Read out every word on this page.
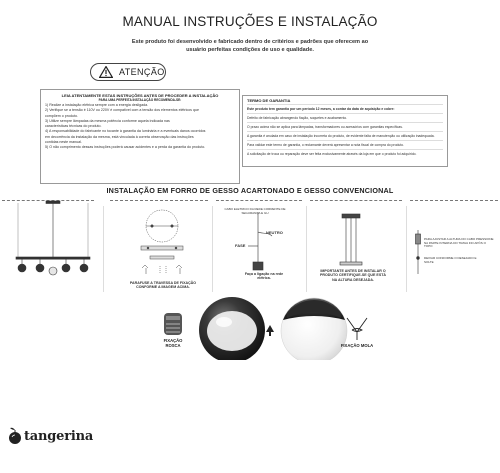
MANUAL INSTRUÇÕES E INSTALAÇÃO
Este produto foi desenvolvido e fabricado dentro de critérios e padrões que oferecem ao
usuário perfeitas condições de uso e qualidade.
ATENÇÃO
LEIA ATENTAMENTE ESTAS INSTRUÇÕES ANTES DE PROCEDER A INSTALAÇÃO
PARA UMA PERFEITA INSTALAÇÃO RECOMENDA-SE:
1) Realize a instalação elétrica sempre com a energia desligada.
2) Verifique se a tensão é 110V ou 220V é compatível com a tensão dos elementos elétricos que
compõem o produto.
3) Utilize sempre lâmpadas da mesma potência conforme aquela indicada nas
características técnicas do produto.
4) A responsabilidade do fabricante no tocante à garantia da luminária e a eventuais danos ocorridos
em decorrência da instalação da mesma, está vinculada à correta observação das instruções
contidas neste manual.
5) O não comprimento dessas instruções poderá causar acidentes e a perda da garantia do produto.
TERMO DE GARANTIA
Este produto tem garantia por um período 12 meses, a contar da data de aquisição e cobre:
Defeito de fabricação abrangendo fiação, soquetes e acabamento.
O prazo acima não se aplica para lâmpadas, transformadores ou acessórios com garantias específicas.
A garantia é anulada em caso de instalação incorreta do produto, de evidente falta de manutenção ou utilização inadequada.
Para validar este termo de garantia, o reclamante deverá apresentar a nota fiscal de compra do produto.
A solicitação de troca ou reparação deve ser feita exclusivamente através da loja em que o produto foi adquirido.
INSTALAÇÃO EM FORRO DE GESSO ACARTONADO E GESSO CONVENCIONAL
PARAFUSE A TRAVESSA DE FIXAÇÃO CONFORME A IMAGEM ACIMA.
CABO ELETRICO DA REDE CORRENTE DE SEGURANÇA E GU
NEUTRO
FASE
Faça a ligação na rede elétrica.
IMPORTANTE ANTES DE INSTALAR O PRODUTO CERTIFIQUE-SE QUE ESTÁ NA ALTURA DESEJADA.
PARA AJUSTAR A ALTURA DO CABO PRESSIONE NA PARTE INTERNA DO TRAVA FIO APÓS O TOPO
DEIXAR CONFORME O DESEJADO E SOLTE
FIXAÇÃO ROSCA	FIXAÇÃO MOLA
tangerina
